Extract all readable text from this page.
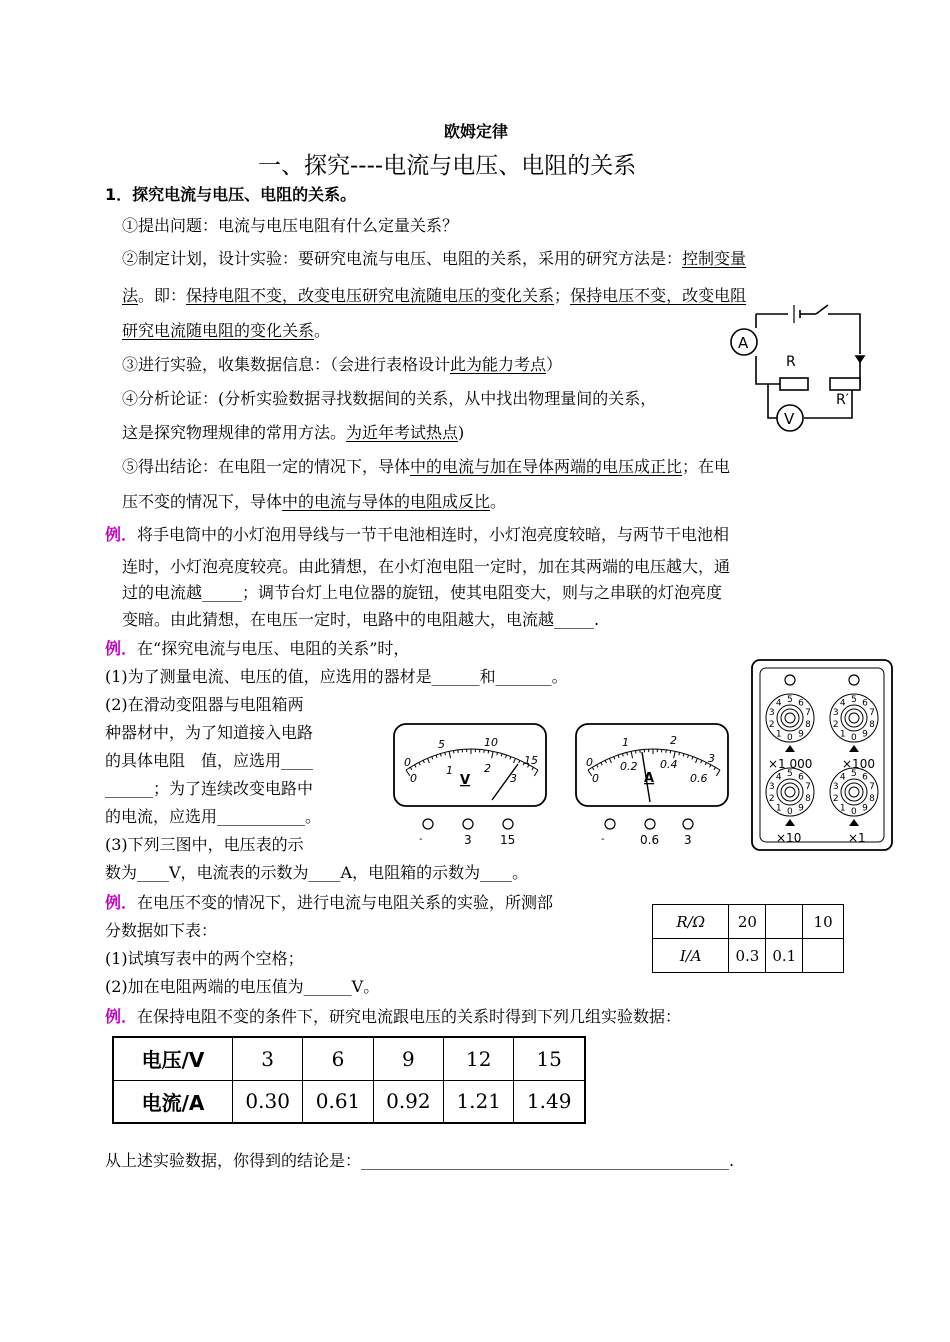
欧姆定律
一、探究----电流与电压、电阻的关系
1．探究电流与电压、电阻的关系。
①提出问题：电流与电压电阻有什么定量关系？
②制定计划，设计实验：要研究电流与电压、电阻的关系，采用的研究方法是：控制变量
法。即：保持电阻不变，改变电压研究电流随电压的变化关系；保持电压不变，改变电阻
研究电流随电阻的变化关系。
③进行实验，收集数据信息：（会进行表格设计此为能力考点）
④分析论证：(分析实验数据寻找数据间的关系，从中找出物理量间的关系，
这是探究物理规律的常用方法。为近年考试热点)
⑤得出结论：在电阻一定的情况下，导体中的电流与加在导体两端的电压成正比；在电
压不变的情况下，导体中的电流与导体的电阻成反比。
A
V
R
R′
例．将手电筒中的小灯泡用导线与一节干电池相连时，小灯泡亮度较暗，与两节干电池相
连时，小灯泡亮度较亮。由此猜想，在小灯泡电阻一定时，加在其两端的电压越大，通
过的电流越_____；调节台灯上电位器的旋钮，使其电阻变大，则与之串联的灯泡亮度
变暗。由此猜想，在电压一定时，电路中的电阻越大，电流越_____.
例．在“探究电流与电压、电阻的关系”时，
(1)为了测量电流、电压的值，应选用的器材是______和_______。
(2)在滑动变阻器与电阻箱两
种器材中，为了知道接入电路
的具体电阻　值，应选用____
______；为了连续改变电路中
的电流，应选用___________。
(3)下列三图中，电压表的示
数为____V，电流表的示数为____A，电阻箱的示数为____。
0
5	10
15
0
1	2
3
V
-	3 15
0
1	2
3
0
0.2 0.4
0.6
A
-	0.6 3
0
1
2
3
4 5 6
7
8
9	0
1
2
3
4 5 6
7
8
9
0
1
2
3
4 5 6
7
8
9	0
1
2
3
4 5 6
7
8
9
×1 000 ×100
×10	×1
例．在电压不变的情况下，进行电流与电阻关系的实验，所测部
分数据如下表：
(1)试填写表中的两个空格；
(2)加在电阻两端的电压值为______V。
R/Ω	20		10
I/A	0.3	0.1	
例．在保持电阻不变的条件下，研究电流跟电压的关系时得到下列几组实验数据：
电压/V	3	6	9	12	15
电流/A	0.30	0.61	0.92	1.21	1.49
从上述实验数据，你得到的结论是：______________________________________________.
